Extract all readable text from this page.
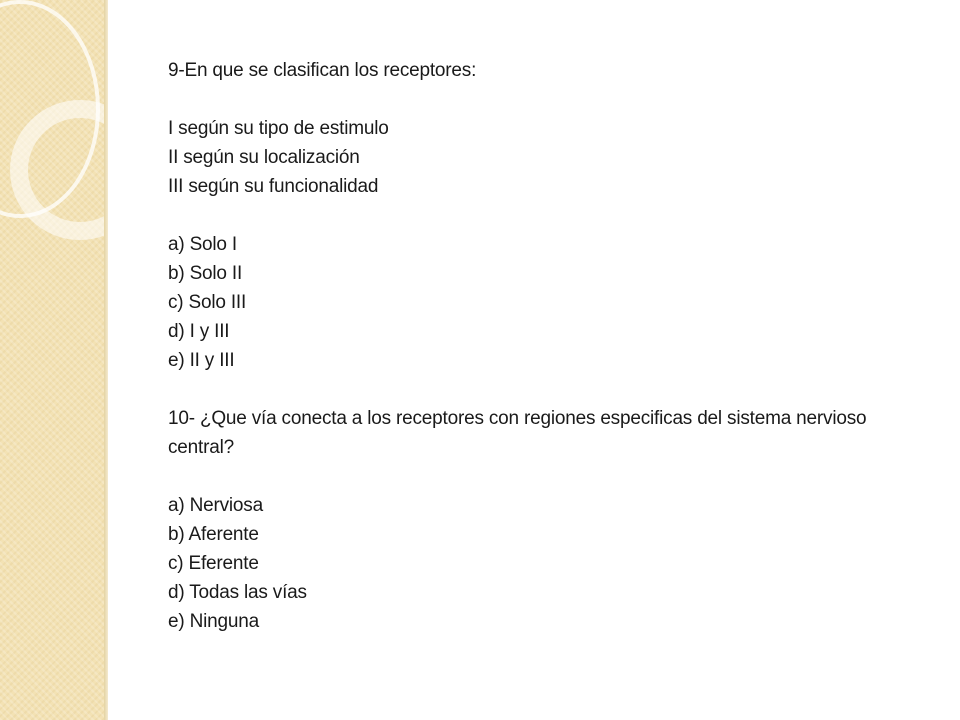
9-En que se clasifican los receptores:
I según su tipo de estimulo
II según su localización
III según su funcionalidad
a) Solo I
b) Solo II
c) Solo III
d) I y III
e) II y III
10- ¿Que vía conecta a los receptores con regiones especificas del sistema nervioso central?
a) Nerviosa
b) Aferente
c) Eferente
d) Todas las vías
e) Ninguna
